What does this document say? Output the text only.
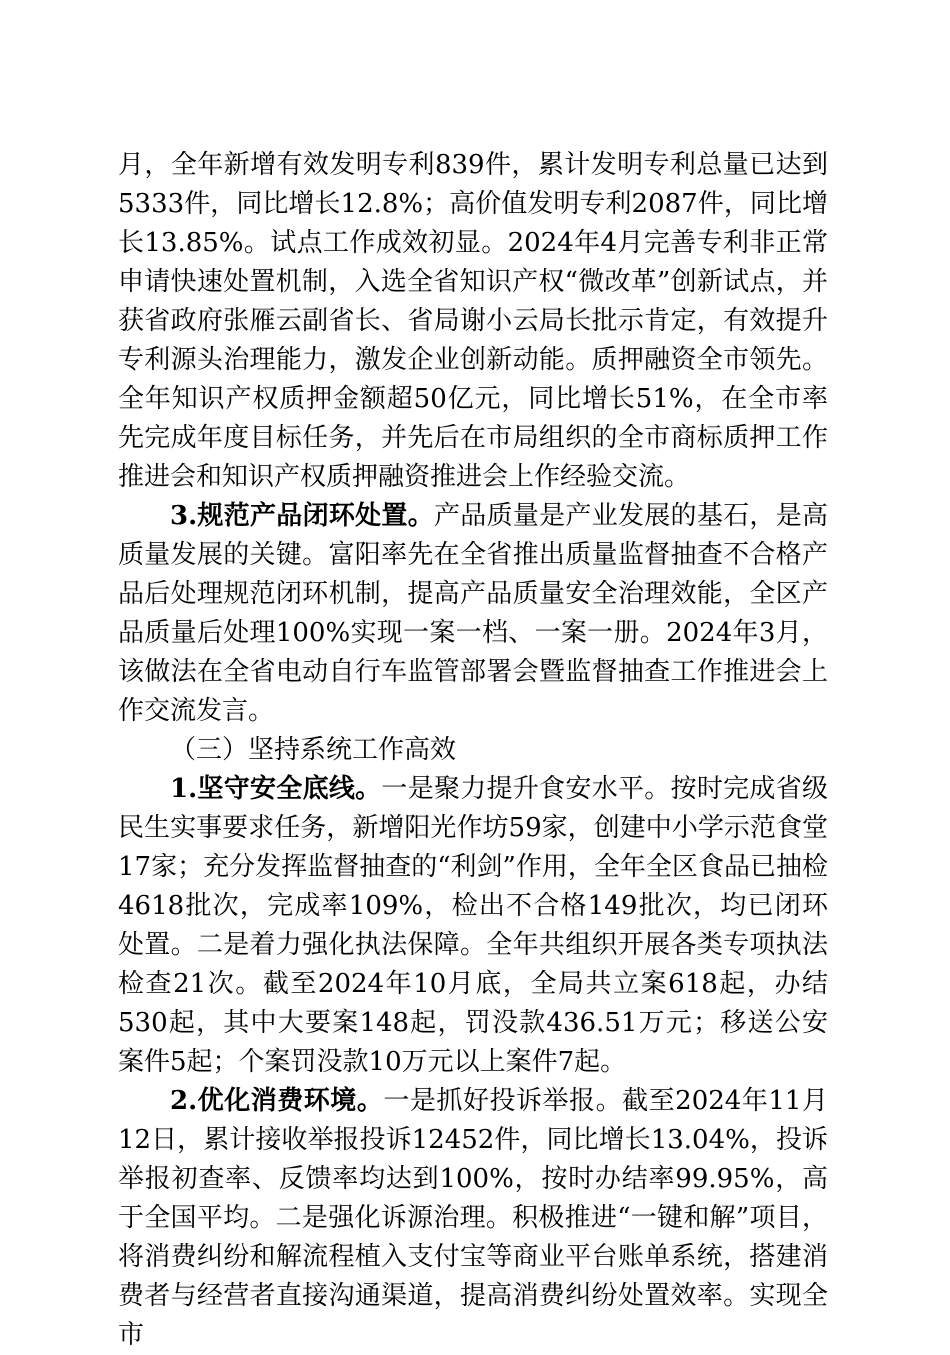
月，全年新增有效发明专利839件，累计发明专利总量已达到5333件，同比增长12.8%；高价值发明专利2087件，同比增长13.85%。试点工作成效初显。2024年4月完善专利非正常申请快速处置机制，入选全省知识产权“微改革”创新试点，并获省政府张雁云副省长、省局谢小云局长批示肯定，有效提升专利源头治理能力，激发企业创新动能。质押融资全市领先。全年知识产权质押金额超50亿元，同比增长51%，在全市率先完成年度目标任务，并先后在市局组织的全市商标质押工作推进会和知识产权质押融资推进会上作经验交流。

3.规范产品闭环处置。产品质量是产业发展的基石，是高质量发展的关键。富阳率先在全省推出质量监督抽查不合格产品后处理规范闭环机制，提高产品质量安全治理效能，全区产品质量后处理100%实现一案一档、一案一册。2024年3月，该做法在全省电动自行车监管部署会暨监督抽查工作推进会上作交流发言。

（三）坚持系统工作高效

1.坚守安全底线。一是聚力提升食安水平。按时完成省级民生实事要求任务，新增阳光作坊59家，创建中小学示范食堂17家；充分发挥监督抽查的“利剑”作用，全年全区食品已抽检4618批次，完成率109%，检出不合格149批次，均已闭环处置。二是着力强化执法保障。全年共组织开展各类专项执法检查21次。截至2024年10月底，全局共立案618起，办结530起，其中大要案148起，罚没款436.51万元；移送公安案件5起；个案罚没款10万元以上案件7起。

2.优化消费环境。一是抓好投诉举报。截至2024年11月12日，累计接收举报投诉12452件，同比增长13.04%，投诉举报初查率、反馈率均达到100%，按时办结率99.95%，高于全国平均。二是强化诉源治理。积极推进“一键和解”项目，将消费纠纷和解流程植入支付宝等商业平台账单系统，搭建消费者与经营者直接沟通渠道，提高消费纠纷处置效率。实现全市
